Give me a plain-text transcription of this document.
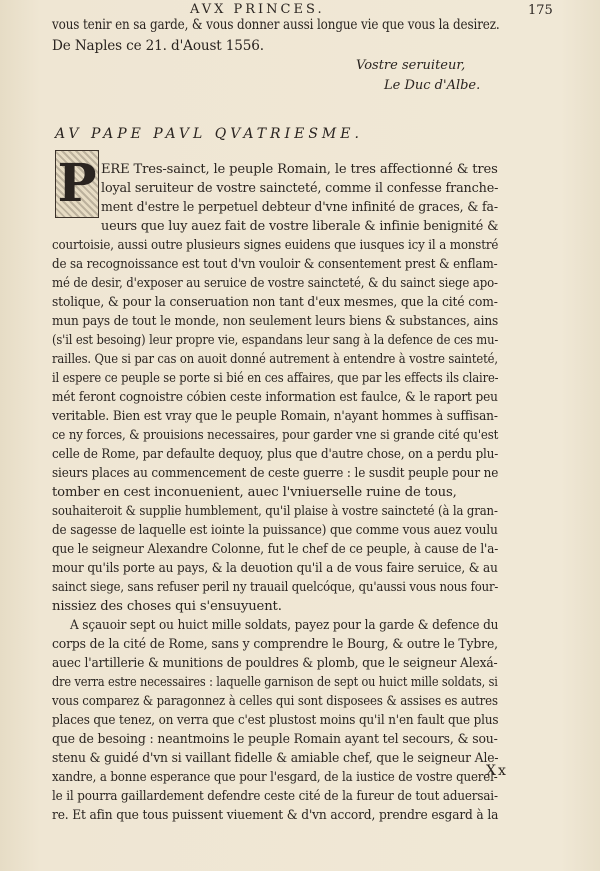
AVX PRINCES.	175
vous tenir en sa garde, & vous donner aussi longue vie que vous la desirez.
De Naples ce 21. d'Aoust 1556.
Vostre seruiteur,
Le Duc d'Albe.
AV PAPE PAVL QVATRIESME.
P ERE Tres-sainct, le peuple Romain, le tres affectionné & tres
loyal seruiteur de vostre saincteté, comme il confesse franche-
ment d'estre le perpetuel debteur d'vne infinité de graces, & fa-
ueurs que luy auez fait de vostre liberale & infinie benignité &
courtoisie, aussi outre plusieurs signes euidens que iusques icy il a monstré
de sa recognoissance est tout d'vn vouloir & consentement prest & enflam-
mé de desir, d'exposer au seruice de vostre saincteté, & du sainct siege apo-
stolique, & pour la conseruation non tant d'eux mesmes, que la cité com-
mun pays de tout le monde, non seulement leurs biens & substances, ains
(s'il est besoing) leur propre vie, espandans leur sang à la defence de ces mu-
railles. Que si par cas on auoit donné autrement à entendre à vostre sainteté,
il espere ce peuple se porte si bié en ces affaires, que par les effects ils claire-
mét feront cognoistre cóbien ceste information est faulce, & le raport peu
veritable. Bien est vray que le peuple Romain, n'ayant hommes à suffisan-
ce ny forces, & prouisions necessaires, pour garder vne si grande cité qu'est
celle de Rome, par defaulte dequoy, plus que d'autre chose, on a perdu plu-
sieurs places au commencement de ceste guerre : le susdit peuple pour ne
tomber en cest inconuenient, auec l'vniuerselle ruine de tous,
souhaiteroit & supplie humblement, qu'il plaise à vostre saincteté (à la gran-
de sagesse de laquelle est iointe la puissance) que comme vous auez voulu
que le seigneur Alexandre Colonne, fut le chef de ce peuple, à cause de l'a-
mour qu'ils porte au pays, & la deuotion qu'il a de vous faire seruice, & au
sainct siege, sans refuser peril ny trauail quelcóque, qu'aussi vous nous four-
nissiez des choses qui s'ensuyuent.
A sçauoir sept ou huict mille soldats, payez pour la garde & defence du
corps de la cité de Rome, sans y comprendre le Bourg, & outre le Tybre,
auec l'artillerie & munitions de pouldres & plomb, que le seigneur Alexá-
dre verra estre necessaires : laquelle garnison de sept ou huict mille soldats, si
vous comparez & paragonnez à celles qui sont disposees & assises es autres
places que tenez, on verra que c'est plustost moins qu'il n'en fault que plus
que de besoing : neantmoins le peuple Romain ayant tel secours, & sou-
stenu & guidé d'vn si vaillant fidelle & amiable chef, que le seigneur Ale-
xandre, a bonne esperance que pour l'esgard, de la iustice de vostre querel-
le il pourra gaillardement defendre ceste cité de la fureur de tout aduersai-
re. Et afin que tous puissent viuement & d'vn accord, prendre esgard à la
Xx
